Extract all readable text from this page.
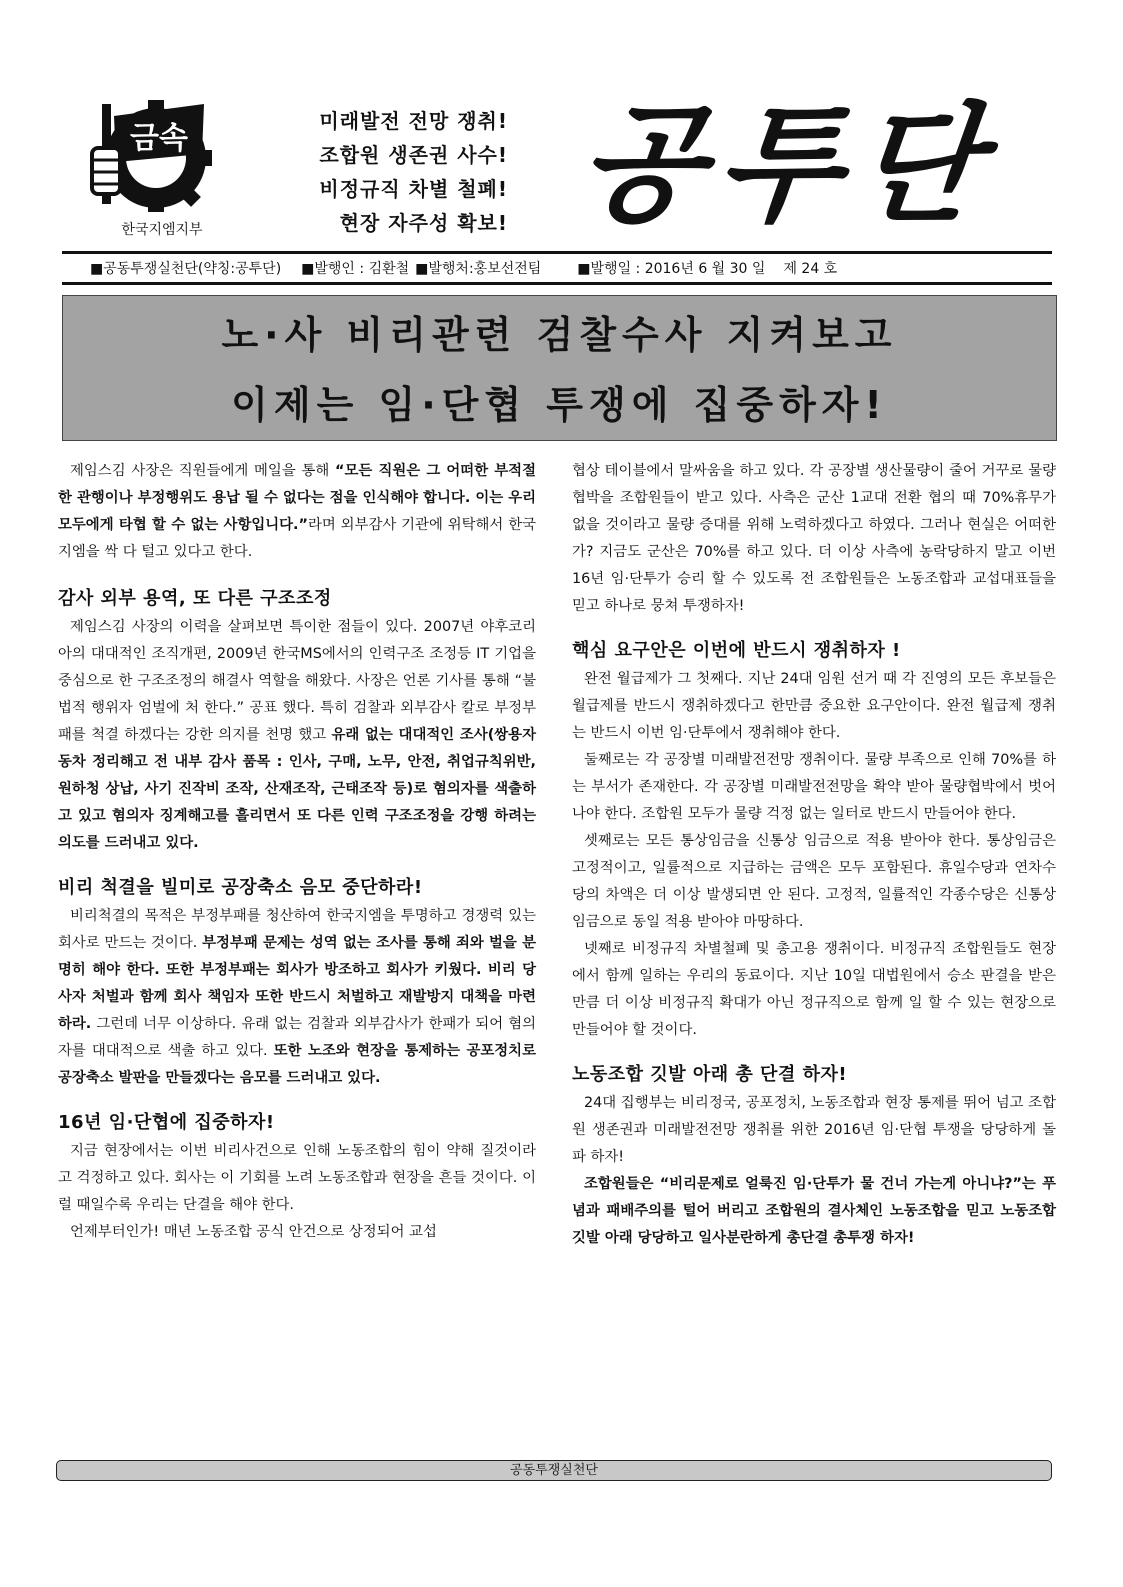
금속
한국지엠지부
미래발전 전망 쟁취!
조합원 생존권 사수!
비정규직 차별 철폐!
현장 자주성 확보! 공투단
■공동투쟁실천단(약칭:공투단) ■발행인 : 김환철 ■발행처:홍보선전팀	■발행일 : 2016년 6 월 30 일 제 24 호
노·사 비리관련 검찰수사 지켜보고
이제는 임·단협 투쟁에 집중하자!

제임스김 사장은 직원들에게 메일을 통해 “모든 직원은 그 어떠한 부적절한 관행이나 부정행위도 용납 될 수 없다는 점을 인식해야 합니다. 이는 우리 모두에게 타협 할 수 없는 사항입니다.”라며 외부감사 기관에 위탁해서 한국지엠을 싹 다 털고 있다고 한다.

감사 외부 용역, 또 다른 구조조정

제임스김 사장의 이력을 살펴보면 특이한 점들이 있다. 2007년 야후코리아의 대대적인 조직개편, 2009년 한국MS에서의 인력구조 조정등 IT 기업을 중심으로 한 구조조정의 해결사 역할을 해왔다. 사장은 언론 기사를 통해 “불법적 행위자 엄벌에 처 한다.” 공표 했다. 특히 검찰과 외부감사 칼로 부정부패를 척결 하겠다는 강한 의지를 천명 했고 유래 없는 대대적인 조사(쌍용자동차 정리해고 전 내부 감사 품목 : 인사, 구매, 노무, 안전, 취업규칙위반, 원하청 상납, 사기 진작비 조작, 산재조작, 근태조작 등)로 혐의자를 색출하고 있고 혐의자 징계해고를 흘리면서 또 다른 인력 구조조정을 강행 하려는 의도를 드러내고 있다.

비리 척결을 빌미로 공장축소 음모 중단하라!

비리척결의 목적은 부정부패를 청산하여 한국지엠을 투명하고 경쟁력 있는 회사로 만드는 것이다. 부정부패 문제는 성역 없는 조사를 통해 죄와 벌을 분명히 해야 한다. 또한 부정부패는 회사가 방조하고 회사가 키웠다. 비리 당사자 처벌과 함께 회사 책임자 또한 반드시 처벌하고 재발방지 대책을 마련하라. 그런데 너무 이상하다. 유래 없는 검찰과 외부감사가 한패가 되어 혐의자를 대대적으로 색출 하고 있다. 또한 노조와 현장을 통제하는 공포정치로 공장축소 발판을 만들겠다는 음모를 드러내고 있다.

16년 임·단협에 집중하자!

지금 현장에서는 이번 비리사건으로 인해 노동조합의 힘이 약해 질것이라고 걱정하고 있다. 회사는 이 기회를 노려 노동조합과 현장을 흔들 것이다. 이럴 때일수록 우리는 단결을 해야 한다.

언제부터인가! 매년 노동조합 공식 안건으로 상정되어 교섭

협상 테이블에서 말싸움을 하고 있다. 각 공장별 생산물량이 줄어 거꾸로 물량협박을 조합원들이 받고 있다. 사측은 군산 1교대 전환 협의 때 70%휴무가 없을 것이라고 물량 증대를 위해 노력하겠다고 하였다. 그러나 현실은 어떠한가? 지금도 군산은 70%를 하고 있다. 더 이상 사측에 농락당하지 말고 이번 16년 임·단투가 승리 할 수 있도록 전 조합원들은 노동조합과 교섭대표들을 믿고 하나로 뭉쳐 투쟁하자!

핵심 요구안은 이번에 반드시 쟁취하자 !

완전 월급제가 그 첫째다. 지난 24대 임원 선거 때 각 진영의 모든 후보들은 월급제를 반드시 쟁취하겠다고 한만큼 중요한 요구안이다. 완전 월급제 쟁취는 반드시 이번 임·단투에서 쟁취해야 한다.

둘째로는 각 공장별 미래발전전망 쟁취이다. 물량 부족으로 인해 70%를 하는 부서가 존재한다. 각 공장별 미래발전전망을 확약 받아 물량협박에서 벗어나야 한다. 조합원 모두가 물량 걱정 없는 일터로 반드시 만들어야 한다.

셋째로는 모든 통상임금을 신통상 임금으로 적용 받아야 한다. 통상임금은 고정적이고, 일률적으로 지급하는 금액은 모두 포함된다. 휴일수당과 연차수당의 차액은 더 이상 발생되면 안 된다. 고정적, 일률적인 각종수당은 신통상 임금으로 동일 적용 받아야 마땅하다.

넷째로 비정규직 차별철폐 및 총고용 쟁취이다. 비정규직 조합원들도 현장에서 함께 일하는 우리의 동료이다. 지난 10일 대법원에서 승소 판결을 받은 만큼 더 이상 비정규직 확대가 아닌 정규직으로 함께 일 할 수 있는 현장으로 만들어야 할 것이다.

노동조합 깃발 아래 총 단결 하자!

24대 집행부는 비리정국, 공포정치, 노동조합과 현장 통제를 뛰어 넘고 조합원 생존권과 미래발전전망 쟁취를 위한 2016년 임·단협 투쟁을 당당하게 돌파 하자!

조합원들은 “비리문제로 얼룩진 임·단투가 물 건너 가는게 아니냐?”는 푸념과 패배주의를 털어 버리고 조합원의 결사체인 노동조합을 믿고 노동조합 깃발 아래 당당하고 일사분란하게 총단결 총투쟁 하자!

공동투쟁실천단
